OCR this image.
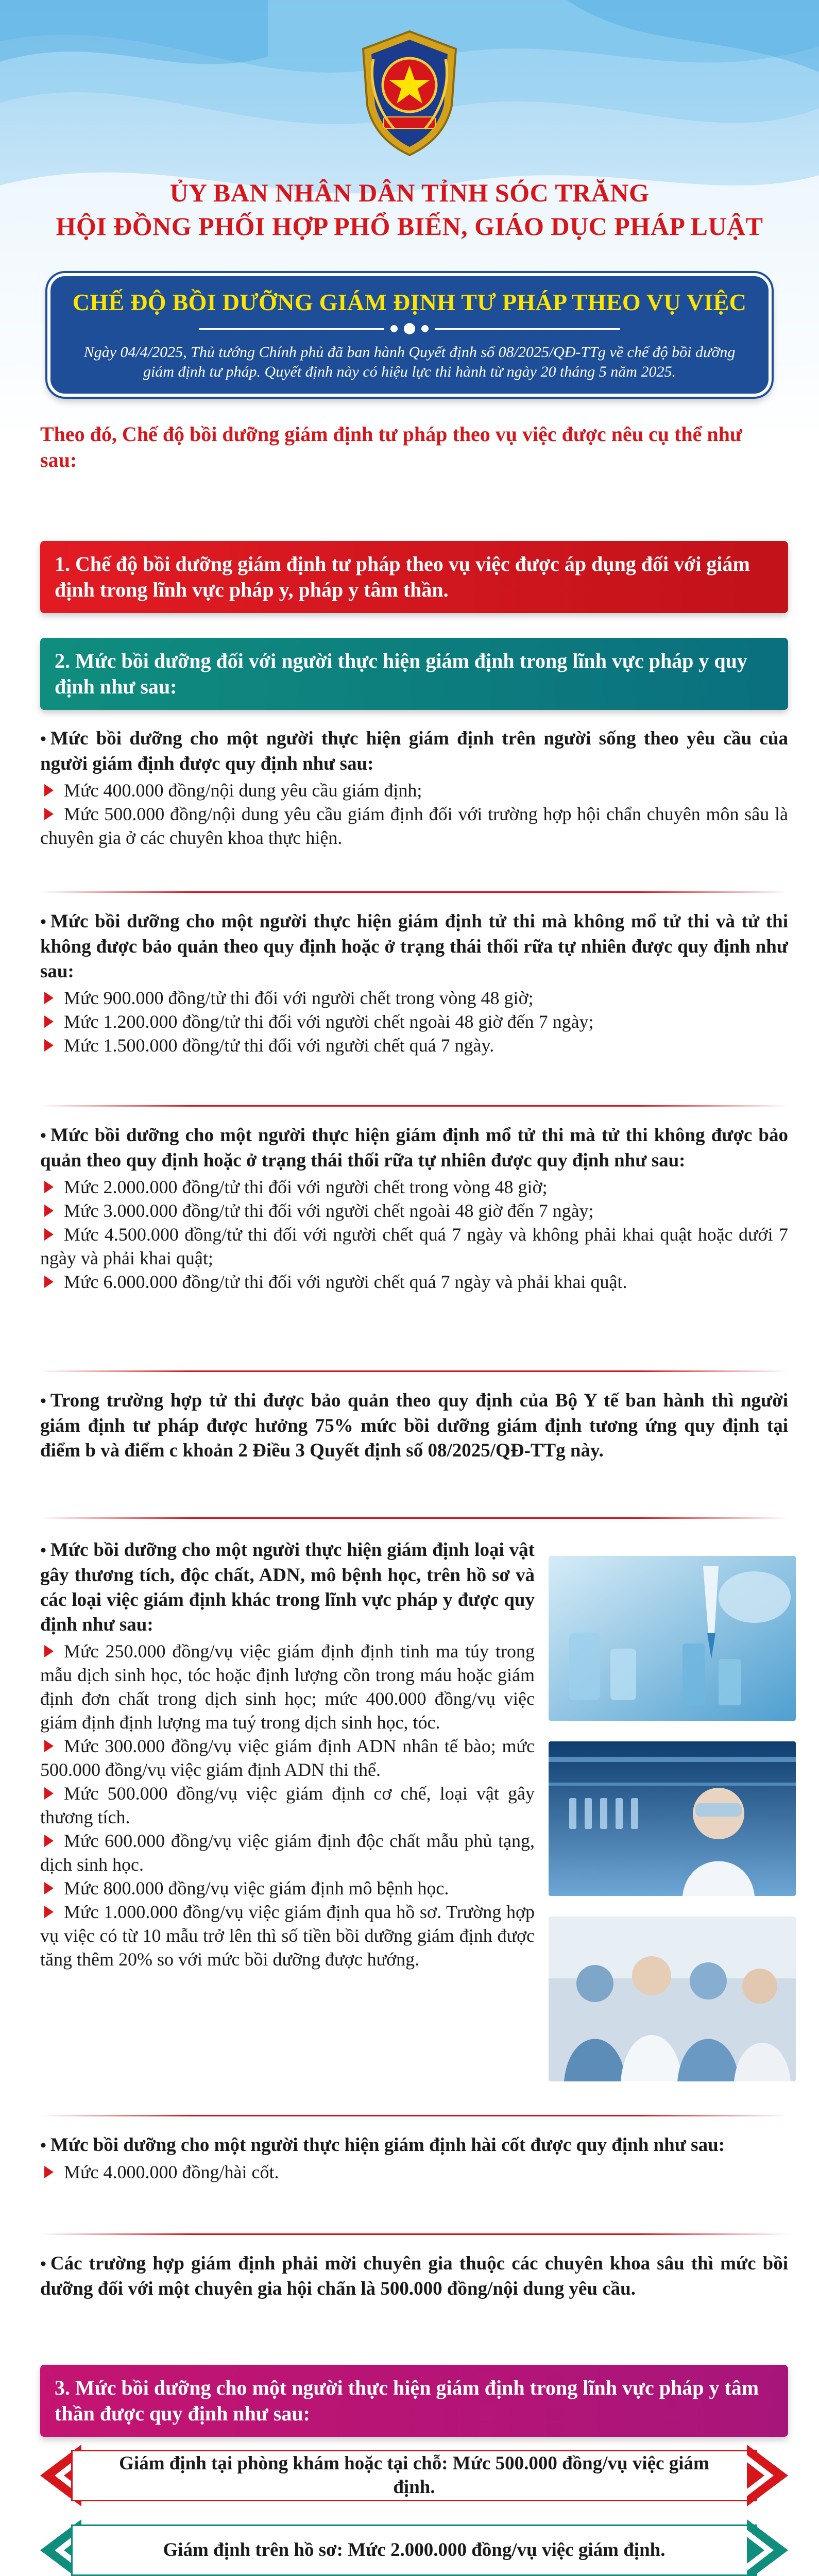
ỦY BAN NHÂN DÂN TỈNH SÓC TRĂNG
HỘI ĐỒNG PHỐI HỢP PHỔ BIẾN, GIÁO DỤC PHÁP LUẬT
CHẾ ĐỘ BỒI DƯỠNG GIÁM ĐỊNH TƯ PHÁP THEO VỤ VIỆC
Ngày 04/4/2025, Thủ tướng Chính phủ đã ban hành Quyết định số 08/2025/QĐ-TTg về chế độ bồi dưỡng giám định tư pháp. Quyết định này có hiệu lực thi hành từ ngày 20 tháng 5 năm 2025.
Theo đó, Chế độ bồi dưỡng giám định tư pháp theo vụ việc được nêu cụ thể như sau:
1. Chế độ bồi dưỡng giám định tư pháp theo vụ việc được áp dụng đối với giám định trong lĩnh vực pháp y, pháp y tâm thần.
2. Mức bồi dưỡng đối với người thực hiện giám định trong lĩnh vực pháp y quy định như sau:
• Mức bồi dưỡng cho một người thực hiện giám định trên người sống theo yêu cầu của người giám định được quy định như sau:
Mức 400.000 đồng/nội dung yêu cầu giám định;
Mức 500.000 đồng/nội dung yêu cầu giám định đối với trường hợp hội chẩn chuyên môn sâu là chuyên gia ở các chuyên khoa thực hiện.
• Mức bồi dưỡng cho một người thực hiện giám định tử thi mà không mổ tử thi và tử thi không được bảo quản theo quy định hoặc ở trạng thái thối rữa tự nhiên được quy định như sau:
Mức 900.000 đồng/tử thi đối với người chết trong vòng 48 giờ;
Mức 1.200.000 đồng/tử thi đối với người chết ngoài 48 giờ đến 7 ngày;
Mức 1.500.000 đồng/tử thi đối với người chết quá 7 ngày.
• Mức bồi dưỡng cho một người thực hiện giám định mổ tử thi mà tử thi không được bảo quản theo quy định hoặc ở trạng thái thối rữa tự nhiên được quy định như sau:
Mức 2.000.000 đồng/tử thi đối với người chết trong vòng 48 giờ;
Mức 3.000.000 đồng/tử thi đối với người chết ngoài 48 giờ đến 7 ngày;
Mức 4.500.000 đồng/tử thi đối với người chết quá 7 ngày và không phải khai quật hoặc dưới 7 ngày và phải khai quật;
Mức 6.000.000 đồng/tử thi đối với người chết quá 7 ngày và phải khai quật.
• Trong trường hợp tử thi được bảo quản theo quy định của Bộ Y tế ban hành thì người giám định tư pháp được hưởng 75% mức bồi dưỡng giám định tương ứng quy định tại điểm b và điểm c khoản 2 Điều 3 Quyết định số 08/2025/QĐ-TTg này.
• Mức bồi dưỡng cho một người thực hiện giám định loại vật gây thương tích, độc chất, ADN, mô bệnh học, trên hồ sơ và các loại việc giám định khác trong lĩnh vực pháp y được quy định như sau:
Mức 250.000 đồng/vụ việc giám định định tinh ma túy trong mẫu dịch sinh học, tóc hoặc định lượng cồn trong máu hoặc giám định đơn chất trong dịch sinh học; mức 400.000 đồng/vụ việc giám định định lượng ma tuý trong dịch sinh học, tóc.
Mức 300.000 đồng/vụ việc giám định ADN nhân tế bào; mức 500.000 đồng/vụ việc giám định ADN thi thể.
Mức 500.000 đồng/vụ việc giám định cơ chế, loại vật gây thương tích.
Mức 600.000 đồng/vụ việc giám định độc chất mẫu phủ tạng, dịch sinh học.
Mức 800.000 đồng/vụ việc giám định mô bệnh học.
Mức 1.000.000 đồng/vụ việc giám định qua hồ sơ. Trường hợp vụ việc có từ 10 mẫu trở lên thì số tiền bồi dưỡng giám định được tăng thêm 20% so với mức bồi dưỡng được hướng.
• Mức bồi dưỡng cho một người thực hiện giám định hài cốt được quy định như sau:
Mức 4.000.000 đồng/hài cốt.
• Các trường hợp giám định phải mời chuyên gia thuộc các chuyên khoa sâu thì mức bồi dưỡng đối với một chuyên gia hội chẩn là 500.000 đồng/nội dung yêu cầu.
3. Mức bồi dưỡng cho một người thực hiện giám định trong lĩnh vực pháp y tâm thần được quy định như sau:
Giám định tại phòng khám hoặc tại chỗ: Mức 500.000 đồng/vụ việc giám định.
Giám định trên hồ sơ: Mức 2.000.000 đồng/vụ việc giám định.
